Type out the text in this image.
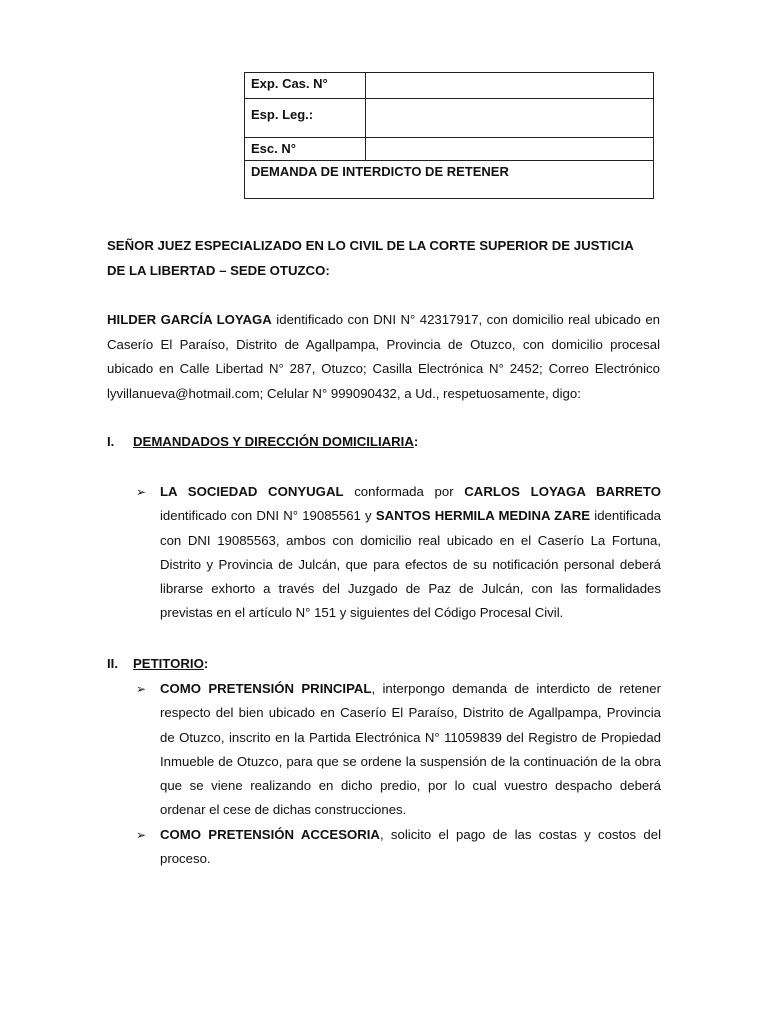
Exp. Cas. N°	
Esp. Leg.:	
Esc. N°	
DEMANDA DE INTERDICTO DE RETENER	

SEÑOR JUEZ ESPECIALIZADO EN LO CIVIL DE LA CORTE SUPERIOR DE JUSTICIA
DE LA LIBERTAD – SEDE OTUZCO:

HILDER GARCÍA LOYAGA identificado con DNI N° 42317917, con domicilio real ubicado en Caserío El Paraíso, Distrito de Agallpampa, Provincia de Otuzco, con domicilio procesal ubicado en Calle Libertad N° 287, Otuzco; Casilla Electrónica N° 2452; Correo Electrónico lyvillanueva@hotmail.com; Celular N° 999090432, a Ud., respetuosamente, digo:

I. DEMANDADOS Y DIRECCIÓN DOMICILIARIA:
➢ LA SOCIEDAD CONYUGAL conformada por CARLOS LOYAGA BARRETO identificado con DNI N° 19085561 y SANTOS HERMILA MEDINA ZARE identificada con DNI 19085563, ambos con domicilio real ubicado en el Caserío La Fortuna, Distrito y Provincia de Julcán, que para efectos de su notificación personal deberá librarse exhorto a través del Juzgado de Paz de Julcán, con las formalidades previstas en el artículo N° 151 y siguientes del Código Procesal Civil.

II. PETITORIO:
➢ COMO PRETENSIÓN PRINCIPAL, interpongo demanda de interdicto de retener respecto del bien ubicado en Caserío El Paraíso, Distrito de Agallpampa, Provincia de Otuzco, inscrito en la Partida Electrónica N° 11059839 del Registro de Propiedad Inmueble de Otuzco, para que se ordene la suspensión de la continuación de la obra que se viene realizando en dicho predio, por lo cual vuestro despacho deberá ordenar el cese de dichas construcciones.

➢ COMO PRETENSIÓN ACCESORIA, solicito el pago de las costas y costos del proceso.
